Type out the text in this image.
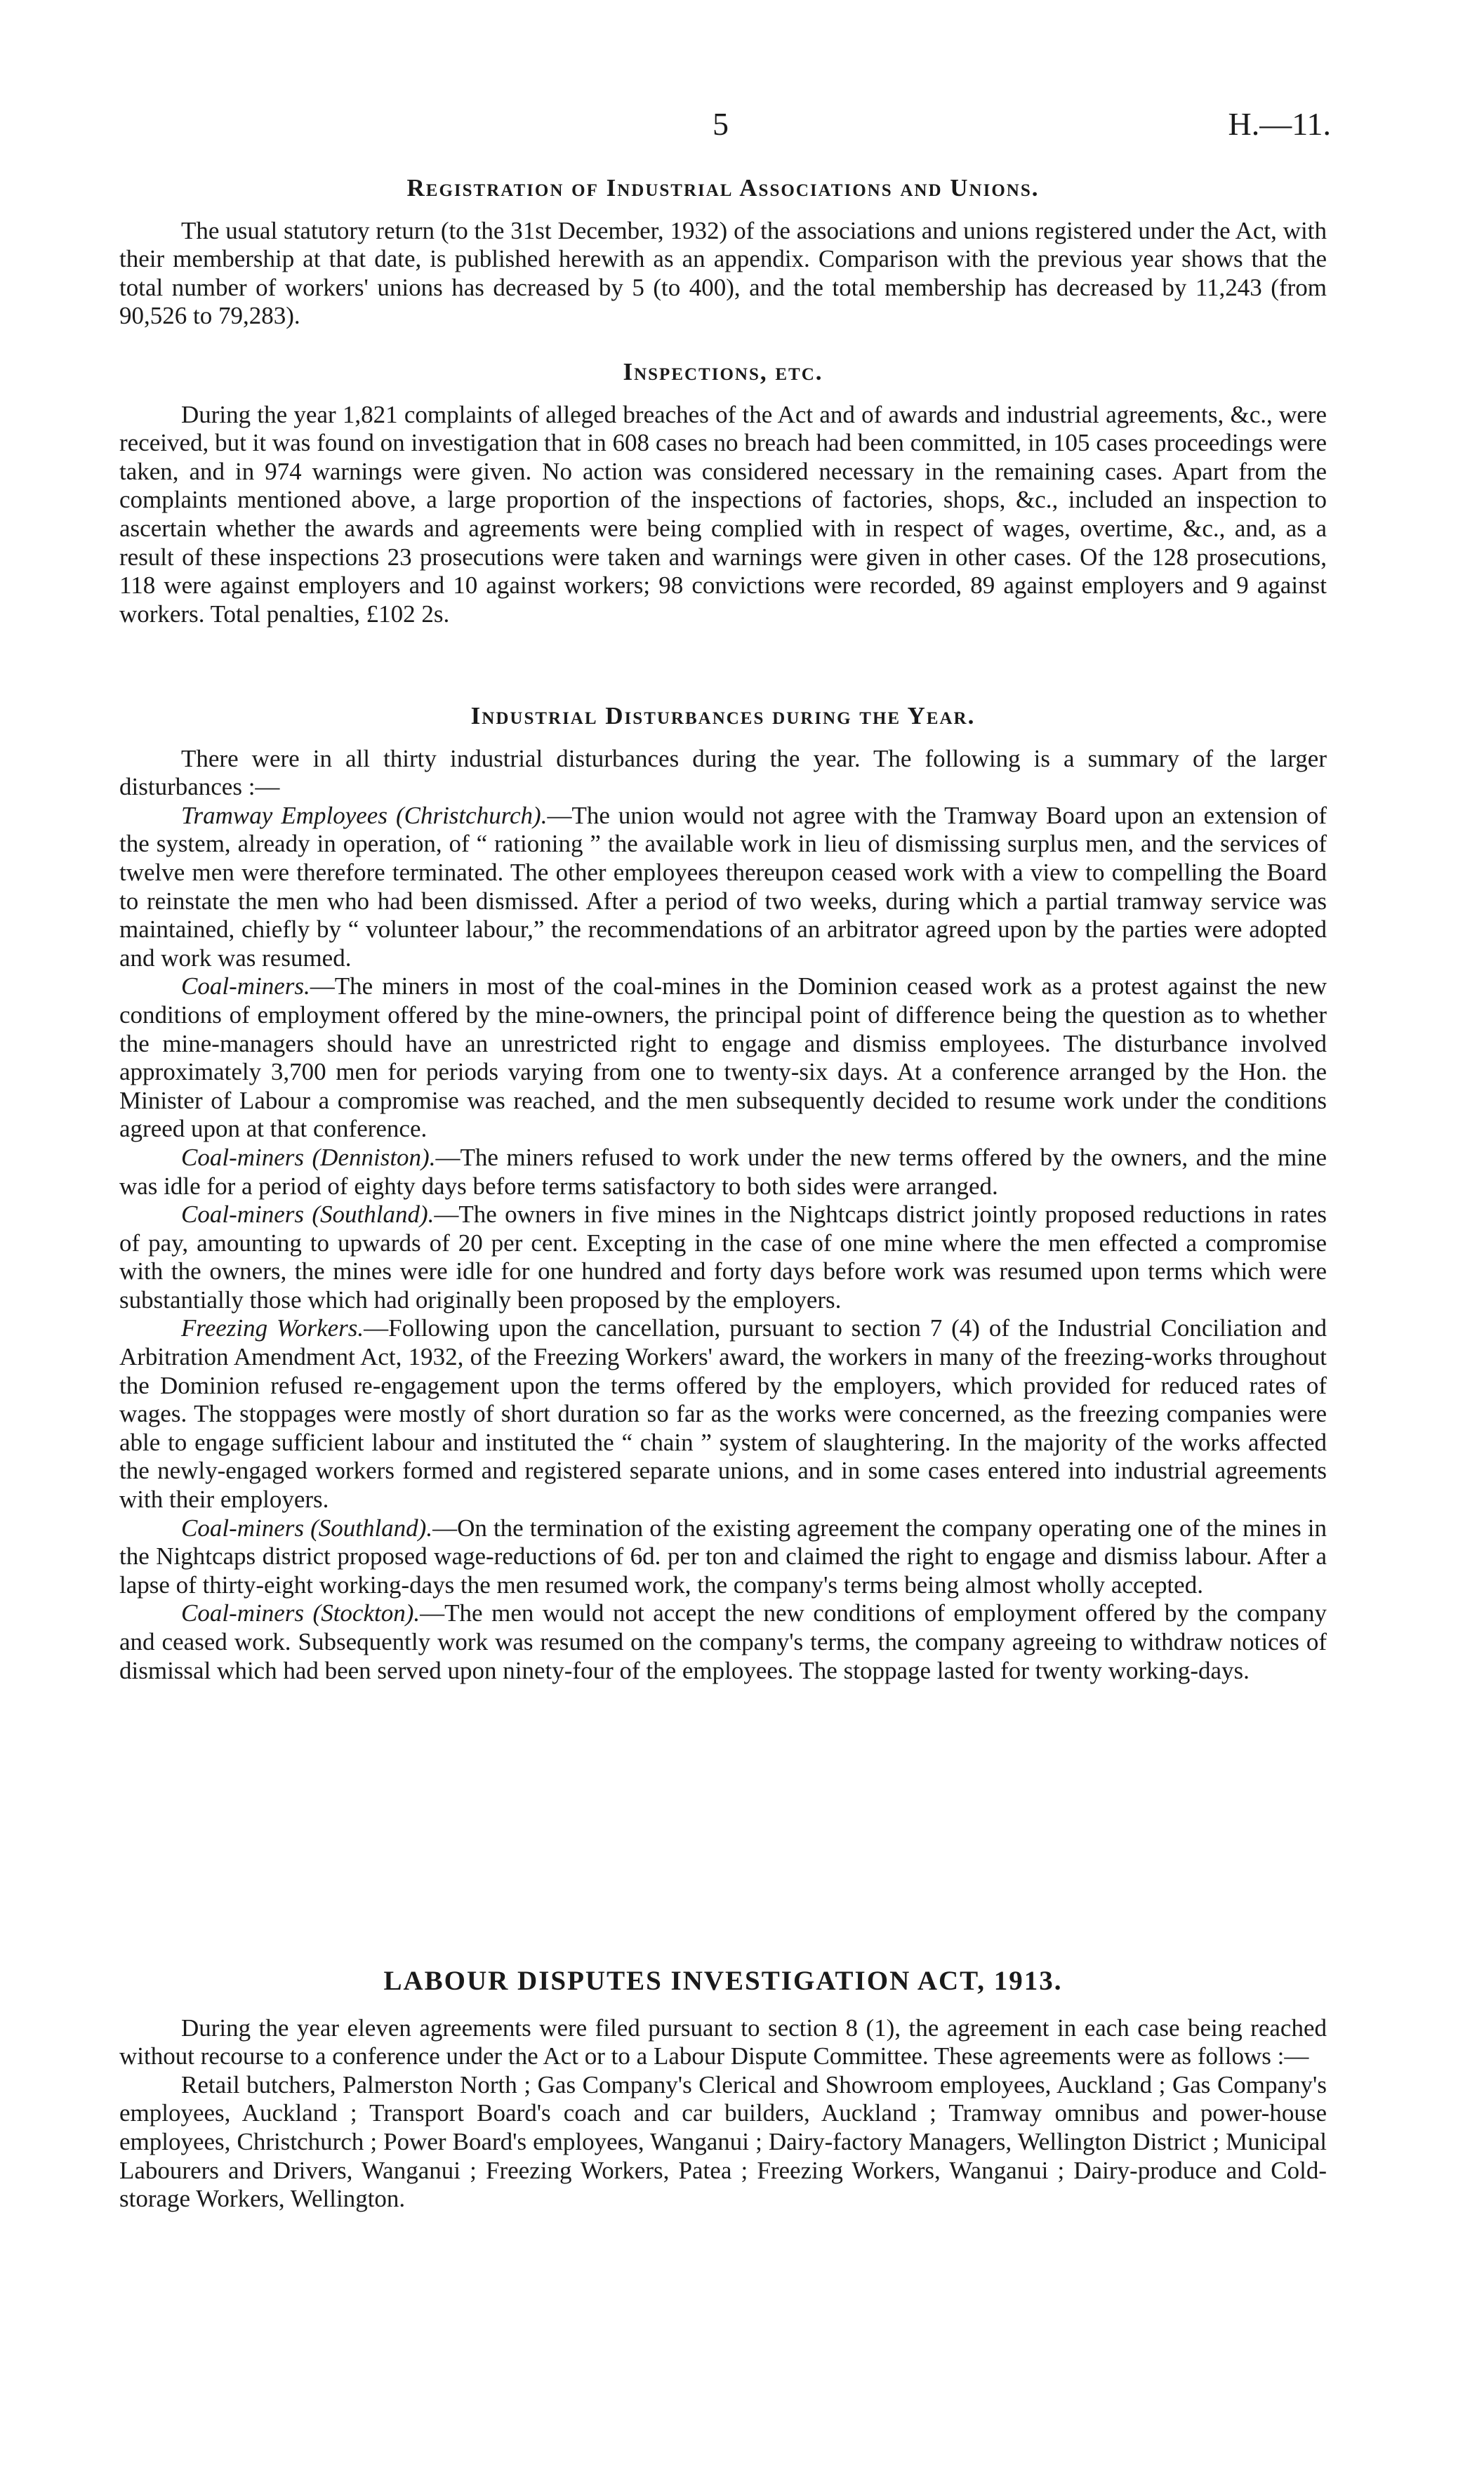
5	H.—11.
Registration of Industrial Associations and Unions.

The usual statutory return (to the 31st December, 1932) of the associations and unions registered under the Act, with their membership at that date, is published herewith as an appendix. Comparison with the previous year shows that the total number of workers' unions has decreased by 5 (to 400), and the total membership has decreased by 11,243 (from 90,526 to 79,283).

Inspections, etc.

During the year 1,821 complaints of alleged breaches of the Act and of awards and industrial agreements, &c., were received, but it was found on investigation that in 608 cases no breach had been committed, in 105 cases proceedings were taken, and in 974 warnings were given. No action was considered necessary in the remaining cases. Apart from the complaints mentioned above, a large proportion of the inspections of factories, shops, &c., included an inspection to ascertain whether the awards and agreements were being complied with in respect of wages, overtime, &c., and, as a result of these inspections 23 prosecutions were taken and warnings were given in other cases. Of the 128 prosecutions, 118 were against employers and 10 against workers; 98 convictions were recorded, 89 against employers and 9 against workers. Total penalties, £102 2s.

Industrial Disturbances during the Year.

There were in all thirty industrial disturbances during the year. The following is a summary of the larger disturbances :—

Tramway Employees (Christchurch).—The union would not agree with the Tramway Board upon an extension of the system, already in operation, of “ rationing ” the available work in lieu of dismissing surplus men, and the services of twelve men were therefore terminated. The other employees thereupon ceased work with a view to compelling the Board to reinstate the men who had been dismissed. After a period of two weeks, during which a partial tramway service was maintained, chiefly by “ volunteer labour,” the recommendations of an arbitrator agreed upon by the parties were adopted and work was resumed.

Coal-miners.—The miners in most of the coal-mines in the Dominion ceased work as a protest against the new conditions of employment offered by the mine-owners, the principal point of difference being the question as to whether the mine-managers should have an unrestricted right to engage and dismiss employees. The disturbance involved approximately 3,700 men for periods varying from one to twenty-six days. At a conference arranged by the Hon. the Minister of Labour a compromise was reached, and the men subsequently decided to resume work under the conditions agreed upon at that conference.

Coal-miners (Denniston).—The miners refused to work under the new terms offered by the owners, and the mine was idle for a period of eighty days before terms satisfactory to both sides were arranged.

Coal-miners (Southland).—The owners in five mines in the Nightcaps district jointly proposed reductions in rates of pay, amounting to upwards of 20 per cent. Excepting in the case of one mine where the men effected a compromise with the owners, the mines were idle for one hundred and forty days before work was resumed upon terms which were substantially those which had originally been proposed by the employers.

Freezing Workers.—Following upon the cancellation, pursuant to section 7 (4) of the Industrial Conciliation and Arbitration Amendment Act, 1932, of the Freezing Workers' award, the workers in many of the freezing-works throughout the Dominion refused re-engagement upon the terms offered by the employers, which provided for reduced rates of wages. The stoppages were mostly of short duration so far as the works were concerned, as the freezing companies were able to engage sufficient labour and instituted the “ chain ” system of slaughtering. In the majority of the works affected the newly-engaged workers formed and registered separate unions, and in some cases entered into industrial agreements with their employers.

Coal-miners (Southland).—On the termination of the existing agreement the company operating one of the mines in the Nightcaps district proposed wage-reductions of 6d. per ton and claimed the right to engage and dismiss labour. After a lapse of thirty-eight working-days the men resumed work, the company's terms being almost wholly accepted.

Coal-miners (Stockton).—The men would not accept the new conditions of employment offered by the company and ceased work. Subsequently work was resumed on the company's terms, the company agreeing to withdraw notices of dismissal which had been served upon ninety-four of the employees. The stoppage lasted for twenty working-days.

LABOUR DISPUTES INVESTIGATION ACT, 1913.

During the year eleven agreements were filed pursuant to section 8 (1), the agreement in each case being reached without recourse to a conference under the Act or to a Labour Dispute Committee. These agreements were as follows :—

Retail butchers, Palmerston North ; Gas Company's Clerical and Showroom employees, Auckland ; Gas Company's employees, Auckland ; Transport Board's coach and car builders, Auckland ; Tramway omnibus and power-house employees, Christchurch ; Power Board's employees, Wanganui ; Dairy-factory Managers, Wellington District ; Municipal Labourers and Drivers, Wanganui ; Freezing Workers, Patea ; Freezing Workers, Wanganui ; Dairy-produce and Cold-storage Workers, Wellington.
